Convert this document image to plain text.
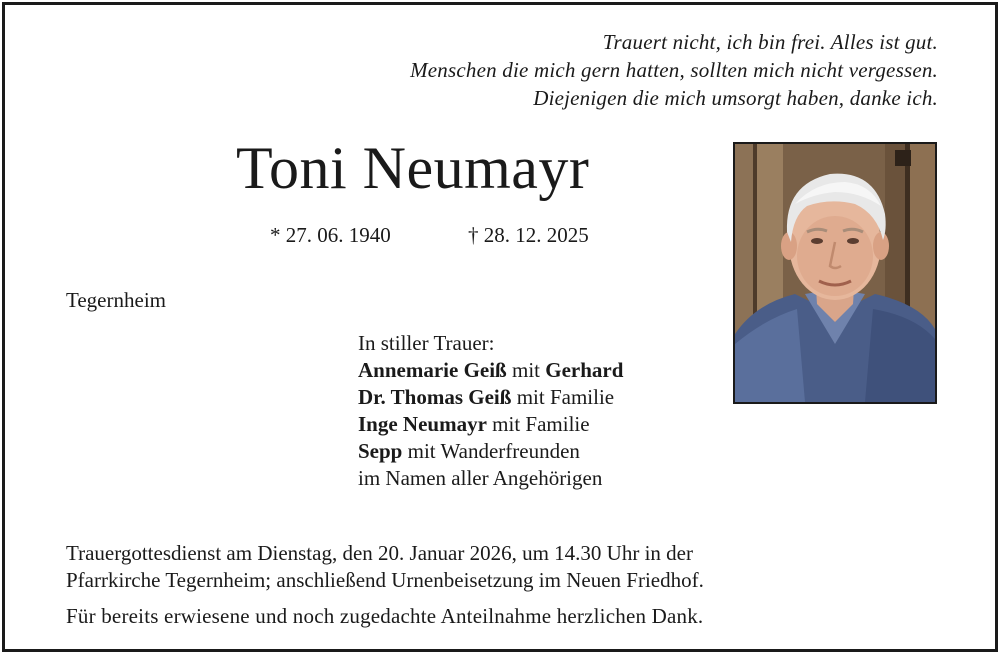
Trauert nicht, ich bin frei. Alles ist gut.
Menschen die mich gern hatten, sollten mich nicht vergessen.
Diejenigen die mich umsorgt haben, danke ich.
Toni Neumayr
* 27. 06. 1940	† 28. 12. 2025
Tegernheim
In stiller Trauer:
Annemarie Geiß mit Gerhard
Dr. Thomas Geiß mit Familie
Inge Neumayr mit Familie
Sepp mit Wanderfreunden
im Namen aller Angehörigen
Trauergottesdienst am Dienstag, den 20. Januar 2026, um 14.30 Uhr in der
Pfarrkirche Tegernheim; anschließend Urnenbeisetzung im Neuen Friedhof.
Für bereits erwiesene und noch zugedachte Anteilnahme herzlichen Dank.
